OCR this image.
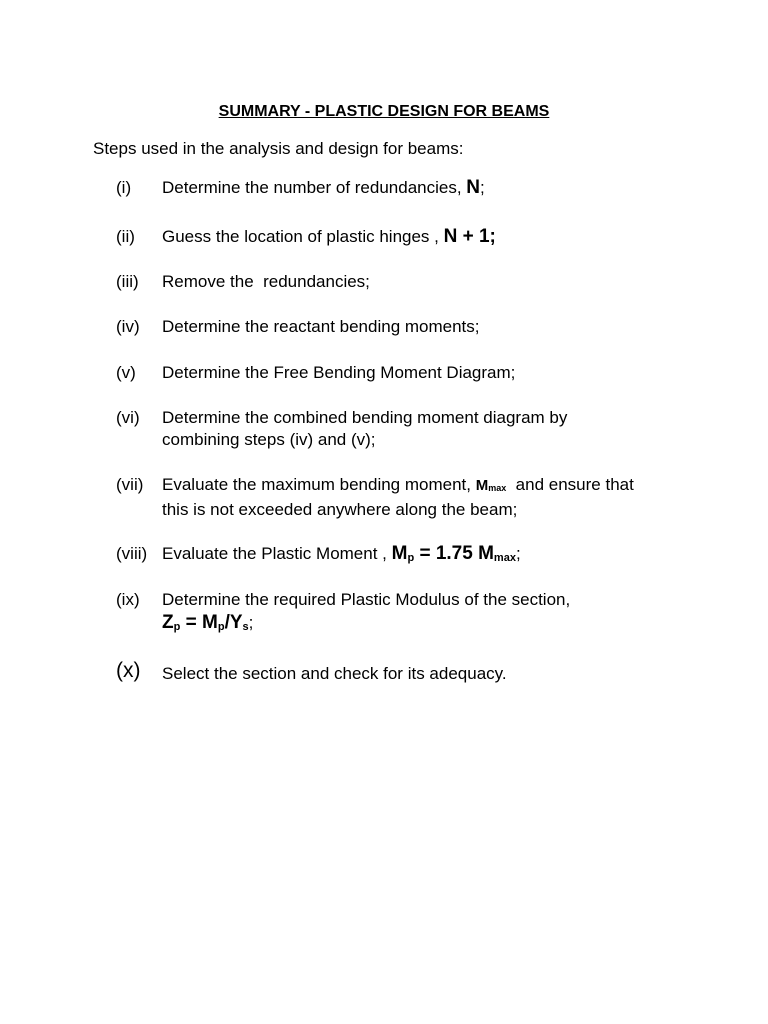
SUMMARY - PLASTIC DESIGN FOR BEAMS
Steps used in the analysis and design for beams:
(i) Determine the number of redundancies, N;
(ii) Guess the location of plastic hinges , N + 1;
(iii) Remove the  redundancies;
(iv) Determine the reactant bending moments;
(v) Determine the Free Bending Moment Diagram;
(vi) Determine the combined bending moment diagram by
combining steps (iv) and (v);
(vii) Evaluate the maximum bending moment, Mmax  and ensure that
this is not exceeded anywhere along the beam;
(viii) Evaluate the Plastic Moment , Mp = 1.75 Mmax;
(ix) Determine the required Plastic Modulus of the section,
Zp = Mp/Ys;
(x) Select the section and check for its adequacy.
